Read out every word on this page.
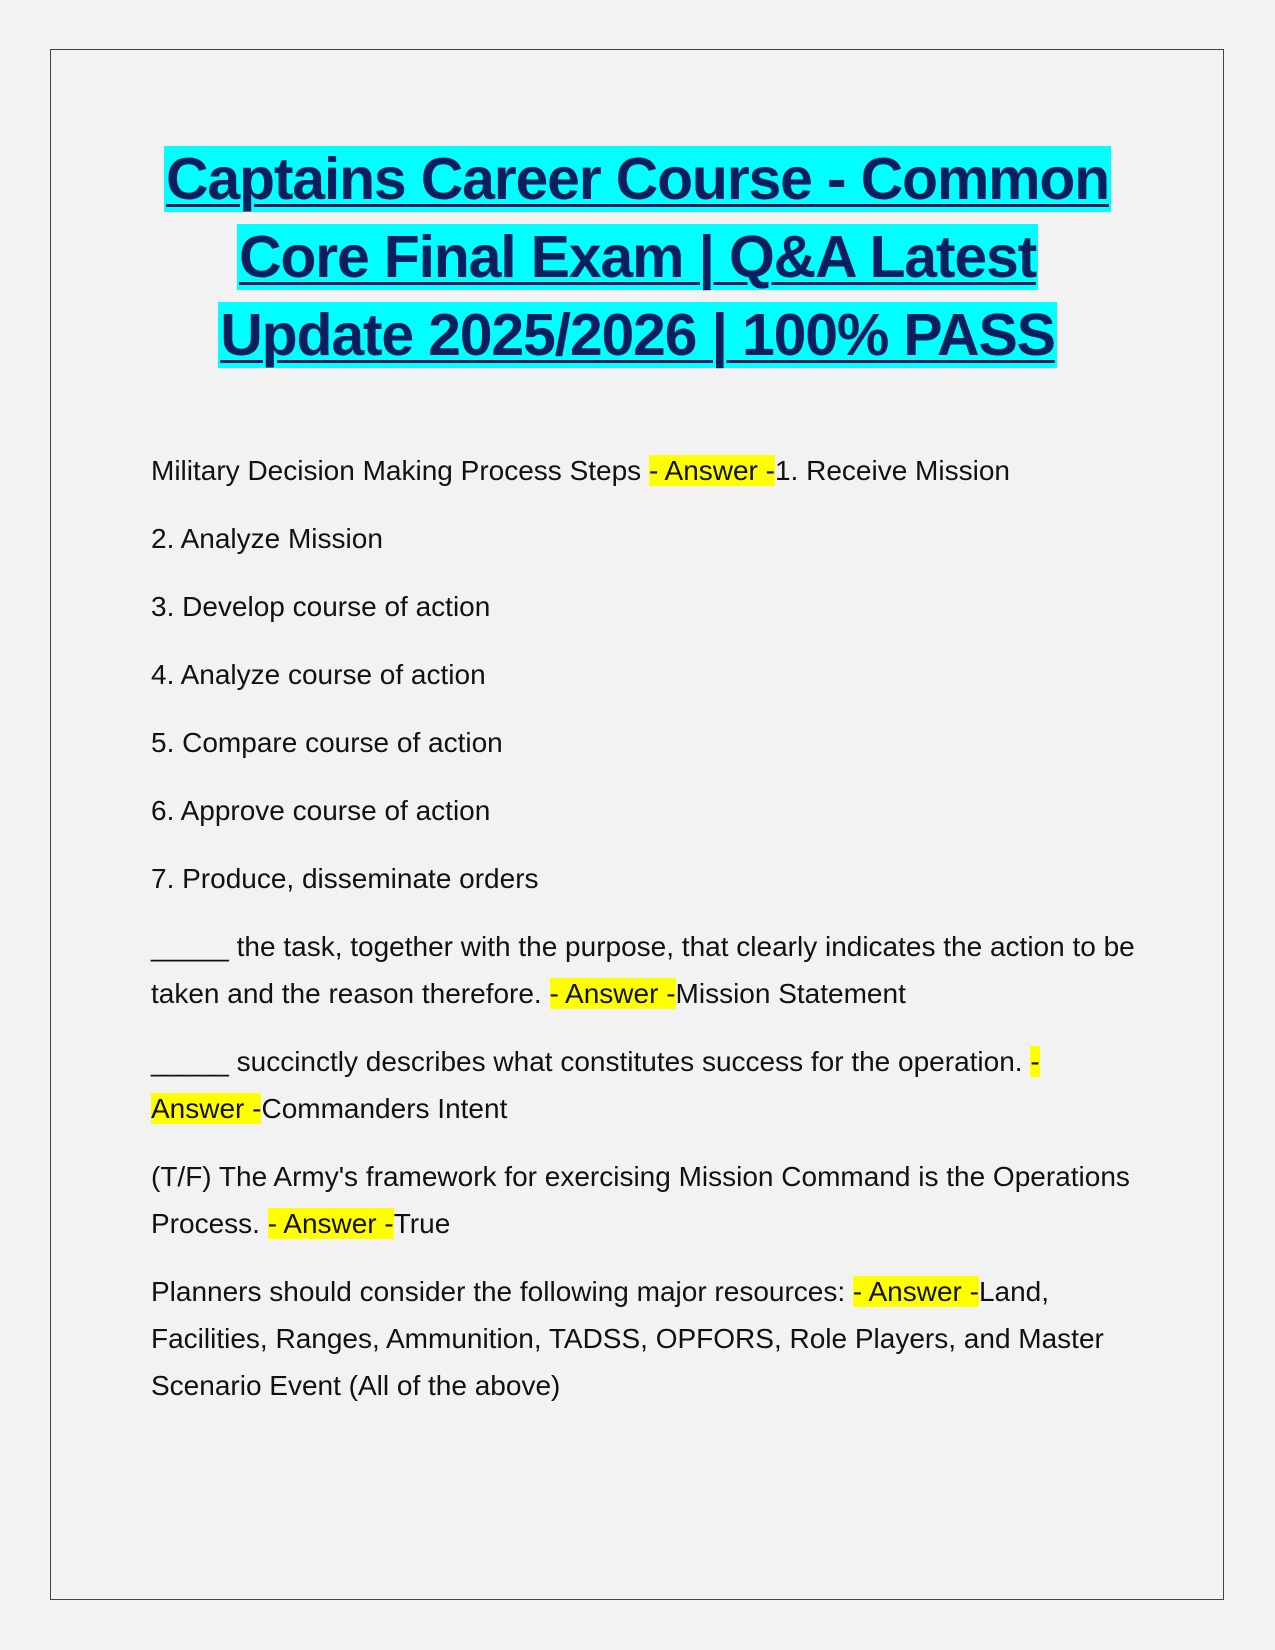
Captains Career Course - Common
Core Final Exam | Q&A Latest
Update 2025/2026 | 100% PASS

Military Decision Making Process Steps - Answer -1. Receive Mission

2. Analyze Mission

3. Develop course of action

4. Analyze course of action

5. Compare course of action

6. Approve course of action

7. Produce, disseminate orders

_____ the task, together with the purpose, that clearly indicates the action to be taken and the reason therefore. - Answer -Mission Statement

_____ succinctly describes what constitutes success for the operation. - Answer -Commanders Intent

(T/F) The Army's framework for exercising Mission Command is the Operations Process. - Answer -True

Planners should consider the following major resources: - Answer -Land, Facilities, Ranges, Ammunition, TADSS, OPFORS, Role Players, and Master Scenario Event (All of the above)
